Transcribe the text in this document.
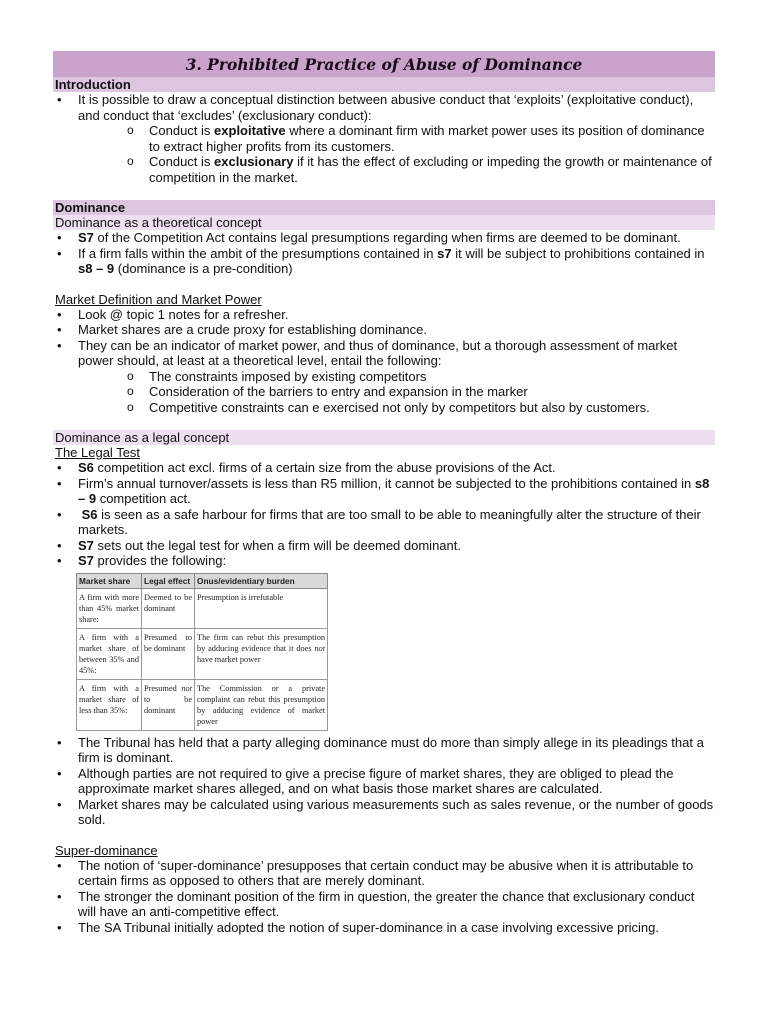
3. Prohibited Practice of Abuse of Dominance
Introduction
• It is possible to draw a conceptual distinction between abusive conduct that ‘exploits’ (exploitative conduct), and conduct that ‘excludes’ (exclusionary conduct):
o Conduct is exploitative where a dominant firm with market power uses its position of dominance to extract higher profits from its customers.
o Conduct is exclusionary if it has the effect of excluding or impeding the growth or maintenance of competition in the market.
Dominance
Dominance as a theoretical concept
• S7 of the Competition Act contains legal presumptions regarding when firms are deemed to be dominant.
• If a firm falls within the ambit of the presumptions contained in s7 it will be subject to prohibitions contained in s8 – 9 (dominance is a pre-condition)
Market Definition and Market Power
• Look @ topic 1 notes for a refresher.
• Market shares are a crude proxy for establishing dominance.
• They can be an indicator of market power, and thus of dominance, but a thorough assessment of market power should, at least at a theoretical level, entail the following:
o The constraints imposed by existing competitors
o Consideration of the barriers to entry and expansion in the marker
o Competitive constraints can e exercised not only by competitors but also by customers.
Dominance as a legal concept
The Legal Test
• S6 competition act excl. firms of a certain size from the abuse provisions of the Act.
• Firm’s annual turnover/assets is less than R5 million, it cannot be subjected to the prohibitions contained in s8 – 9 competition act.
• S6 is seen as a safe harbour for firms that are too small to be able to meaningfully alter the structure of their markets.
• S7 sets out the legal test for when a firm will be deemed dominant.
• S7 provides the following:
Market share	Legal effect	Onus/evidentiary burden
A firm with more than 45% market share:	Deemed to be dominant	Presumption is irrefutable
A firm with a market share of between 35% and 45%:	Presumed to be dominant	The firm can rebut this presumption by adducing evidence that it does not have market power
A firm with a market share of less than 35%:	Presumed not to be dominant	The Commission or a private complaint can rebut this presumption by adducing evidence of market power
• The Tribunal has held that a party alleging dominance must do more than simply allege in its pleadings that a firm is dominant.
• Although parties are not required to give a precise figure of market shares, they are obliged to plead the approximate market shares alleged, and on what basis those market shares are calculated.
• Market shares may be calculated using various measurements such as sales revenue, or the number of goods sold.
Super-dominance
• The notion of ‘super-dominance’ presupposes that certain conduct may be abusive when it is attributable to certain firms as opposed to others that are merely dominant.
• The stronger the dominant position of the firm in question, the greater the chance that exclusionary conduct will have an anti-competitive effect.
• The SA Tribunal initially adopted the notion of super-dominance in a case involving excessive pricing.
